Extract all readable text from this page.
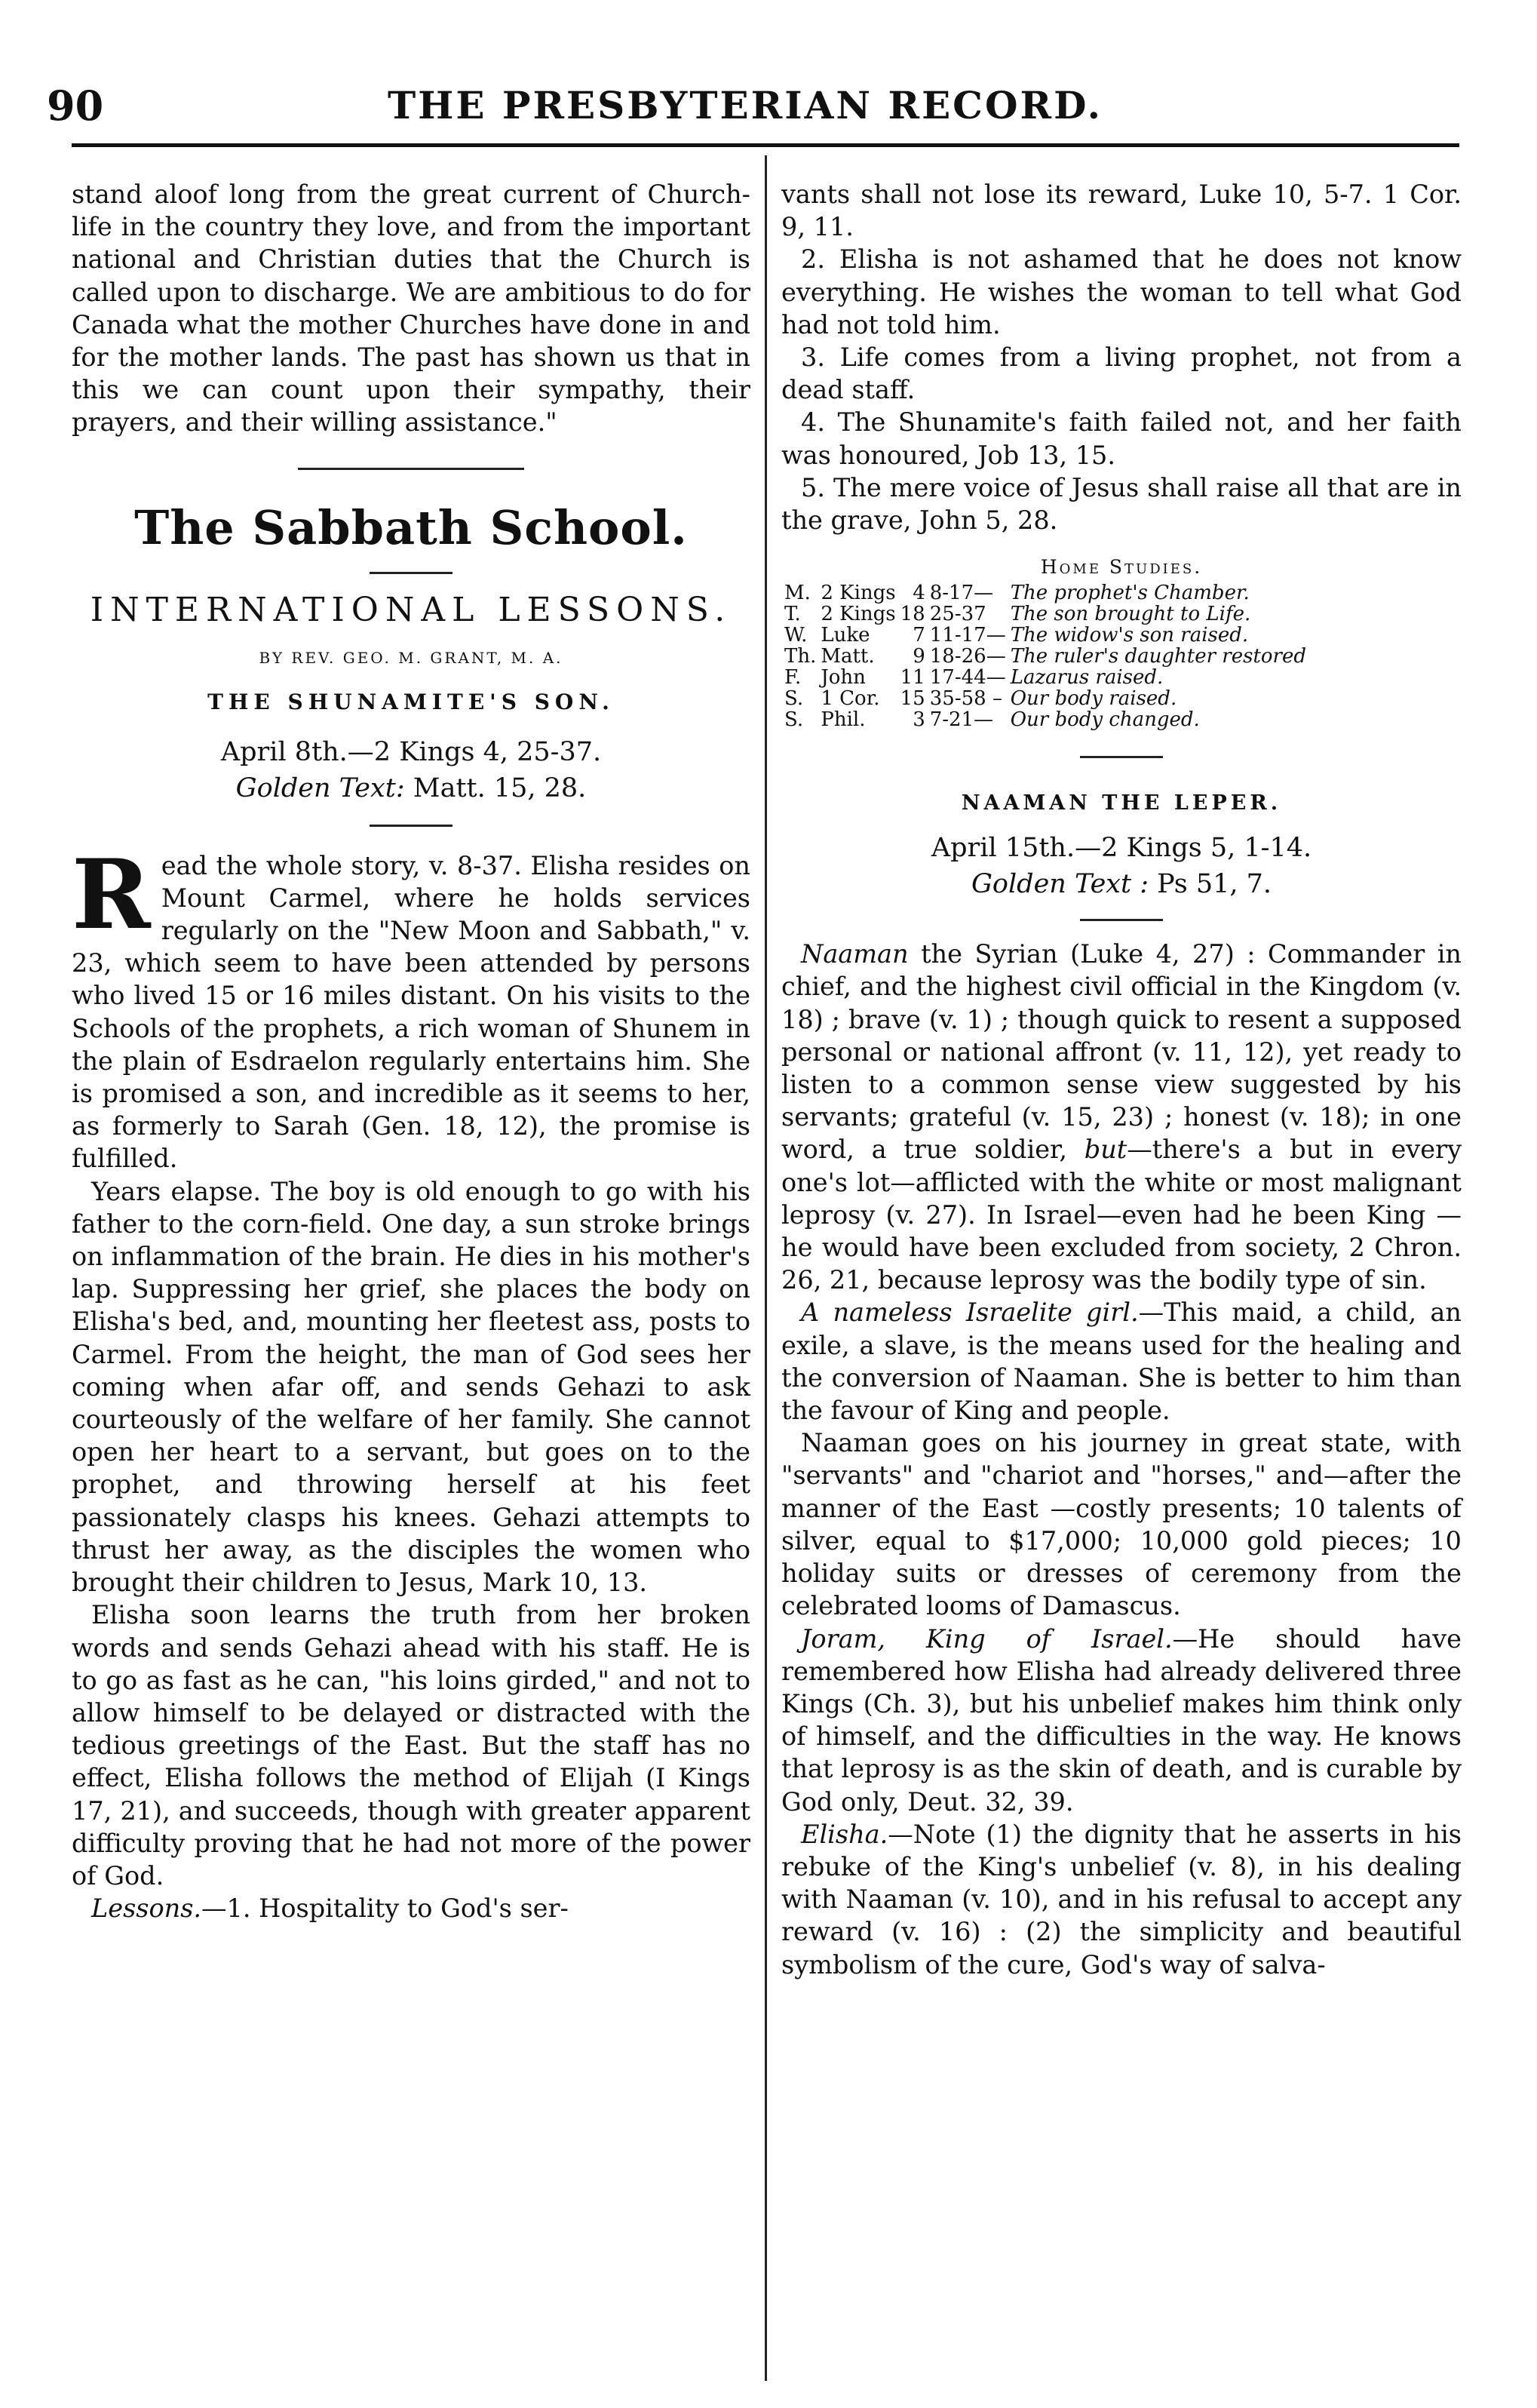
90	THE PRESBYTERIAN RECORD.

stand aloof long from the great current of Church-life in the country they love, and from the important national and Christian duties that the Church is called upon to discharge. We are ambitious to do for Canada what the mother Churches have done in and for the mother lands. The past has shown us that in this we can count upon their sympathy, their prayers, and their willing assistance."

The Sabbath School.
INTERNATIONAL LESSONS.
BY REV. GEO. M. GRANT, M. A.
THE SHUNAMITE'S SON.
April 8th.—2 Kings 4, 25-37.
Golden Text: Matt. 15, 28.
R ead the whole story, v. 8-37. Elisha resides on Mount Carmel, where he holds services regularly on the "New Moon and Sabbath," v. 23, which seem to have been attended by persons who lived 15 or 16 miles distant. On his visits to the Schools of the prophets, a rich woman of Shunem in the plain of Esdraelon regularly entertains him. She is promised a son, and incredible as it seems to her, as formerly to Sarah (Gen. 18, 12), the promise is fulfilled.

Years elapse. The boy is old enough to go with his father to the corn-field. One day, a sun stroke brings on inflammation of the brain. He dies in his mother's lap. Suppressing her grief, she places the body on Elisha's bed, and, mounting her fleetest ass, posts to Carmel. From the height, the man of God sees her coming when afar off, and sends Gehazi to ask courteously of the welfare of her family. She cannot open her heart to a servant, but goes on to the prophet, and throwing herself at his feet passionately clasps his knees. Gehazi attempts to thrust her away, as the disciples the women who brought their children to Jesus, Mark 10, 13.

Elisha soon learns the truth from her broken words and sends Gehazi ahead with his staff. He is to go as fast as he can, "his loins girded," and not to allow himself to be delayed or distracted with the tedious greetings of the East. But the staff has no effect, Elisha follows the method of Elijah (I Kings 17, 21), and succeeds, though with greater apparent difficulty proving that he had not more of the power of God.

Lessons.—1. Hospitality to God's ser-

vants shall not lose its reward, Luke 10, 5-7. 1 Cor. 9, 11.

2. Elisha is not ashamed that he does not know everything. He wishes the woman to tell what God had not told him.

3. Life comes from a living prophet, not from a dead staff.

4. The Shunamite's faith failed not, and her faith was honoured, Job 13, 15.

5. The mere voice of Jesus shall raise all that are in the grave, John 5, 28.

Home Studies.
M.	2 Kings	4	8-17—	The prophet's Chamber.
T.	2 Kings	18	25-37	The son brought to Life.
W.	Luke	7	11-17—	The widow's son raised.
Th.	Matt.	9	18-26—	The ruler's daughter restored
F.	John	11	17-44—	Lazarus raised.
S.	1 Cor.	15	35-58 –	Our body raised.
S.	Phil.	3	7-21—	Our body changed.
NAAMAN THE LEPER.
April 15th.—2 Kings 5, 1-14.
Golden Text : Ps 51, 7.

Naaman the Syrian (Luke 4, 27) : Commander in chief, and the highest civil official in the Kingdom (v. 18) ; brave (v. 1) ; though quick to resent a supposed personal or national affront (v. 11, 12), yet ready to listen to a common sense view suggested by his servants; grateful (v. 15, 23) ; honest (v. 18); in one word, a true soldier, but—there's a but in every one's lot—afflicted with the white or most malignant leprosy (v. 27). In Israel—even had he been King —he would have been excluded from society, 2 Chron. 26, 21, because leprosy was the bodily type of sin.

A nameless Israelite girl.—This maid, a child, an exile, a slave, is the means used for the healing and the conversion of Naaman. She is better to him than the favour of King and people.

Naaman goes on his journey in great state, with "servants" and "chariot and "horses," and—after the manner of the East —costly presents; 10 talents of silver, equal to $17,000; 10,000 gold pieces; 10 holiday suits or dresses of ceremony from the celebrated looms of Damascus.

Joram, King of Israel.—He should have remembered how Elisha had already delivered three Kings (Ch. 3), but his unbelief makes him think only of himself, and the difficulties in the way. He knows that leprosy is as the skin of death, and is curable by God only, Deut. 32, 39.

Elisha.—Note (1) the dignity that he asserts in his rebuke of the King's unbelief (v. 8), in his dealing with Naaman (v. 10), and in his refusal to accept any reward (v. 16) : (2) the simplicity and beautiful symbolism of the cure, God's way of salva-
